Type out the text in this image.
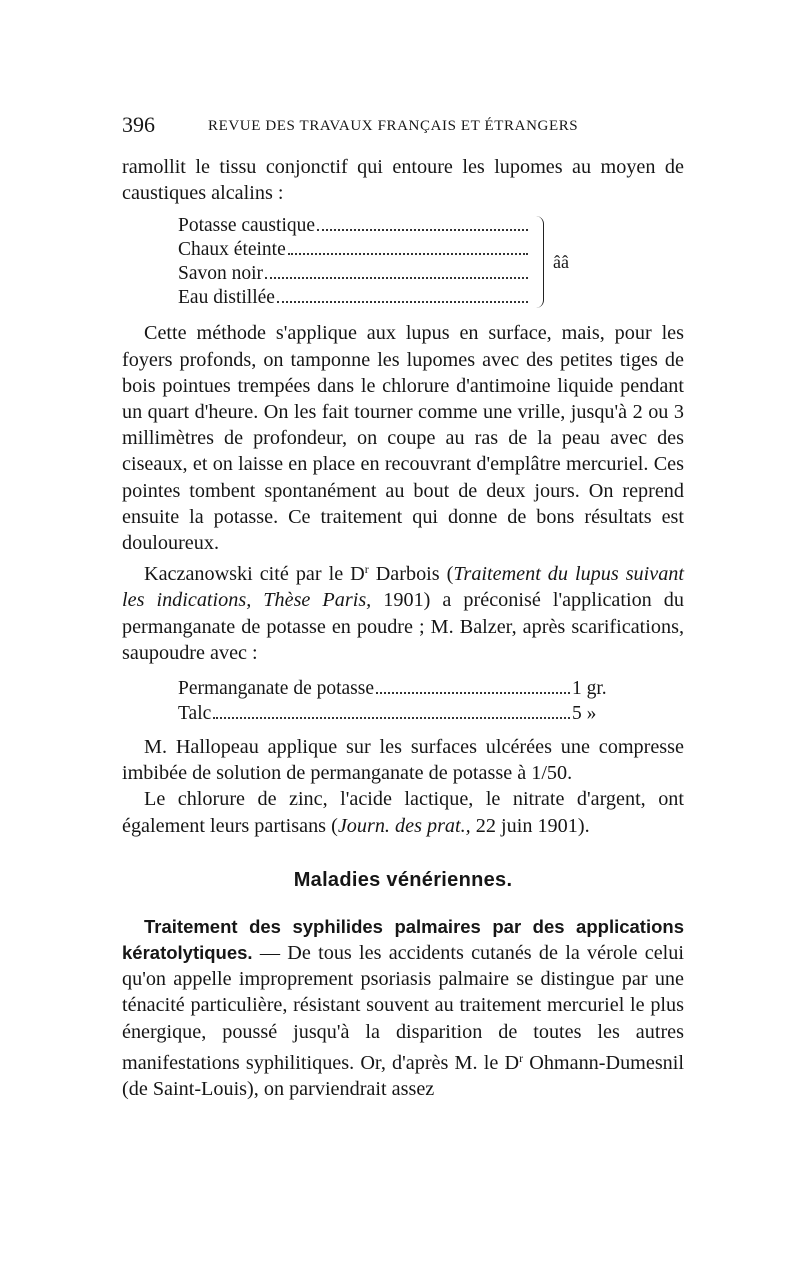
396	REVUE DES TRAVAUX FRANÇAIS ET ÉTRANGERS

ramollit le tissu conjonctif qui entoure les lupomes au moyen de caustiques alcalins :

Potasse caustique
Chaux éteinte
Savon noir
Eau distillée
ââ

Cette méthode s'applique aux lupus en surface, mais, pour les foyers profonds, on tamponne les lupomes avec des petites tiges de bois pointues trempées dans le chlorure d'antimoine liquide pendant un quart d'heure. On les fait tourner comme une vrille, jusqu'à 2 ou 3 millimètres de profondeur, on coupe au ras de la peau avec des ciseaux, et on laisse en place en recouvrant d'emplâtre mercuriel. Ces pointes tombent spontanément au bout de deux jours. On reprend ensuite la potasse. Ce traitement qui donne de bons résultats est douloureux.

Kaczanowski cité par le $D^r$ Darbois (Traitement du lupus suivant les indications, Thèse Paris, 1901) a préconisé l'application du permanganate de potasse en poudre ; M. Balzer, après scarifications, saupoudre avec :

Permanganate de potasse	1 gr.
Talc	5 »

M. Hallopeau applique sur les surfaces ulcérées une compresse imbibée de solution de permanganate de potasse à 1/50.

Le chlorure de zinc, l'acide lactique, le nitrate d'argent, ont également leurs partisans (Journ. des prat., 22 juin 1901).

Maladies vénériennes.

Traitement des syphilides palmaires par des applications kératolytiques. — De tous les accidents cutanés de la vérole celui qu'on appelle improprement psoriasis palmaire se distingue par une ténacité particulière, résistant souvent au traitement mercuriel le plus énergique, poussé jusqu'à la disparition de toutes les autres manifestations syphilitiques. Or, d'après M. le $D^r$ Ohmann-Dumesnil (de Saint-Louis), on parviendrait assez
